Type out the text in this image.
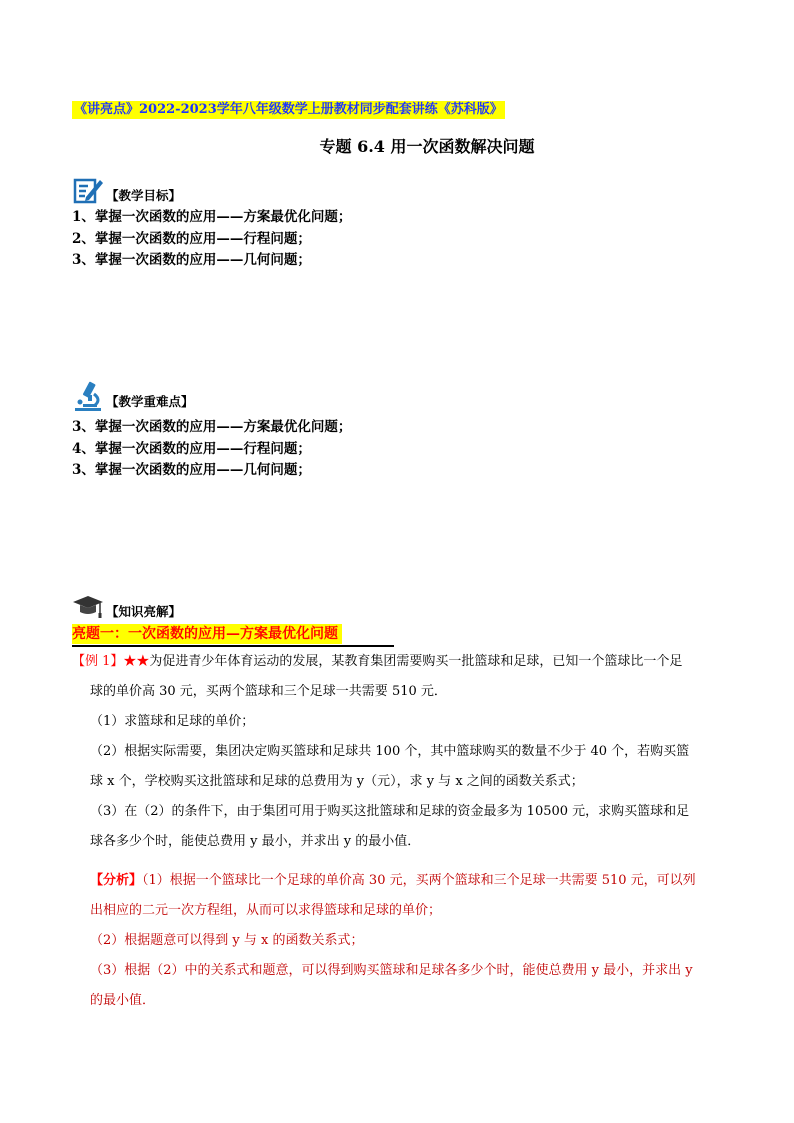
《讲亮点》2022-2023学年八年级数学上册教材同步配套讲练《苏科版》
专题 6.4 用一次函数解决问题
【教学目标】
1、掌握一次函数的应用——方案最优化问题；
2、掌握一次函数的应用——行程问题；
3、掌握一次函数的应用——几何问题；
【教学重难点】
3、掌握一次函数的应用——方案最优化问题；
4、掌握一次函数的应用——行程问题；
3、掌握一次函数的应用——几何问题；
【知识亮解】
亮题一：一次函数的应用—方案最优化问题
【例 1】★★为促进青少年体育运动的发展，某教育集团需要购买一批篮球和足球，已知一个篮球比一个足
球的单价高 30 元，买两个篮球和三个足球一共需要 510 元．
（1）求篮球和足球的单价；
（2）根据实际需要，集团决定购买篮球和足球共 100 个，其中篮球购买的数量不少于 40 个，若购买篮
球 x 个，学校购买这批篮球和足球的总费用为 y（元），求 y 与 x 之间的函数关系式；
（3）在（2）的条件下，由于集团可用于购买这批篮球和足球的资金最多为 10500 元，求购买篮球和足
球各多少个时，能使总费用 y 最小，并求出 y 的最小值．
【分析】（1）根据一个篮球比一个足球的单价高 30 元，买两个篮球和三个足球一共需要 510 元，可以列
出相应的二元一次方程组，从而可以求得篮球和足球的单价；
（2）根据题意可以得到 y 与 x 的函数关系式；
（3）根据（2）中的关系式和题意，可以得到购买篮球和足球各多少个时，能使总费用 y 最小，并求出 y
的最小值．
